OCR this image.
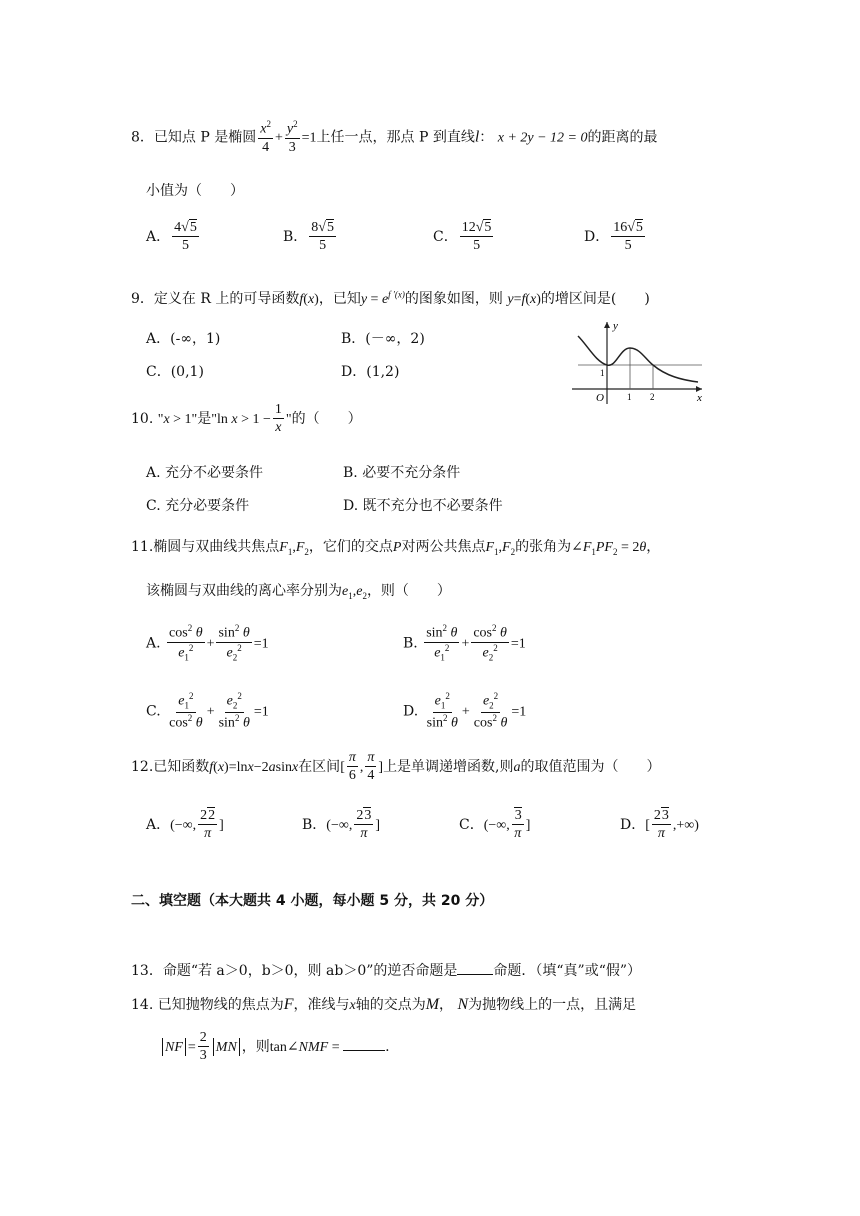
8．已知点 P 是椭圆 $\frac{x^2}{4} + \frac{y^2}{3} =1$上任一点，那点 P 到直线l： x + 2y − 12 = 0的距离的最
小值为（　　）
A． $\frac{4√5}{5}$	B． $\frac{8√5}{5}$	C． $\frac{12√5}{5}$	D． $\frac{16√5}{5}$
9．定义在 R 上的可导函数f(x)，已知$y = e^{f '(x)}$的图象如图，则 y=f(x)的增区间是(　　)
A．(-∞，1)	B．(－∞，2)
C．(0,1)	D．(1,2)
y
x
O	1 2
1
10. "x > 1"是"ln $x > 1 - \frac{1}{x}$ "的（　　）
A. 充分不必要条件	B. 必要不充分条件
C. 充分必要条件	D. 既不充分也不必要条件
11.椭圆与双曲线共焦点$F_1,F_2$，它们的交点P对两公共焦点$F_1,F_2$的张角为$\angle F_1PF_2 = 2\theta$，
该椭圆与双曲线的离心率分别为$e_1,e_2$，则（　　）
A. $\frac{\cos^2 \theta}{e_1^2} + \frac{\sin^2 \theta}{e_2^2} =1$	B. $\frac{\sin^2 \theta}{e_1^2} + \frac{\cos^2 \theta}{e_2^2} =1$
C. $\frac{e_1^2}{\cos^2 \theta} + \frac{e_2^2}{\sin^2 \theta} =1$	D. $\frac{e_1^2}{\sin^2 \theta} + \frac{e_2^2}{\cos^2 \theta} =1$
12.已知函数f(x)=lnx−2asinx在区间[ $\frac{\pi}{6}$ , $\frac{\pi}{4}$ ]上是单调递增函数,则a的取值范围为（　　）
A．(−∞, $\frac{22}{\pi}$ ]	B．(−∞, $\frac{23}{\pi}$ ]	C．(−∞, $\frac{3}{\pi}$ ]	D．[ $\frac{23}{\pi}$ ,+∞)
二、填空题（本大题共 4 小题，每小题 5 分，共 20 分）
13．命题“若 a＞0，b＞0，则 ab＞0”的逆否命题是	命题．（填“真”或“假”）
14. 已知抛物线的焦点为F，准线与x轴的交点为M， N为抛物线上的一点，且满足
NF = $\frac{2}{3}$ MN ，则tan∠NMF =	.
